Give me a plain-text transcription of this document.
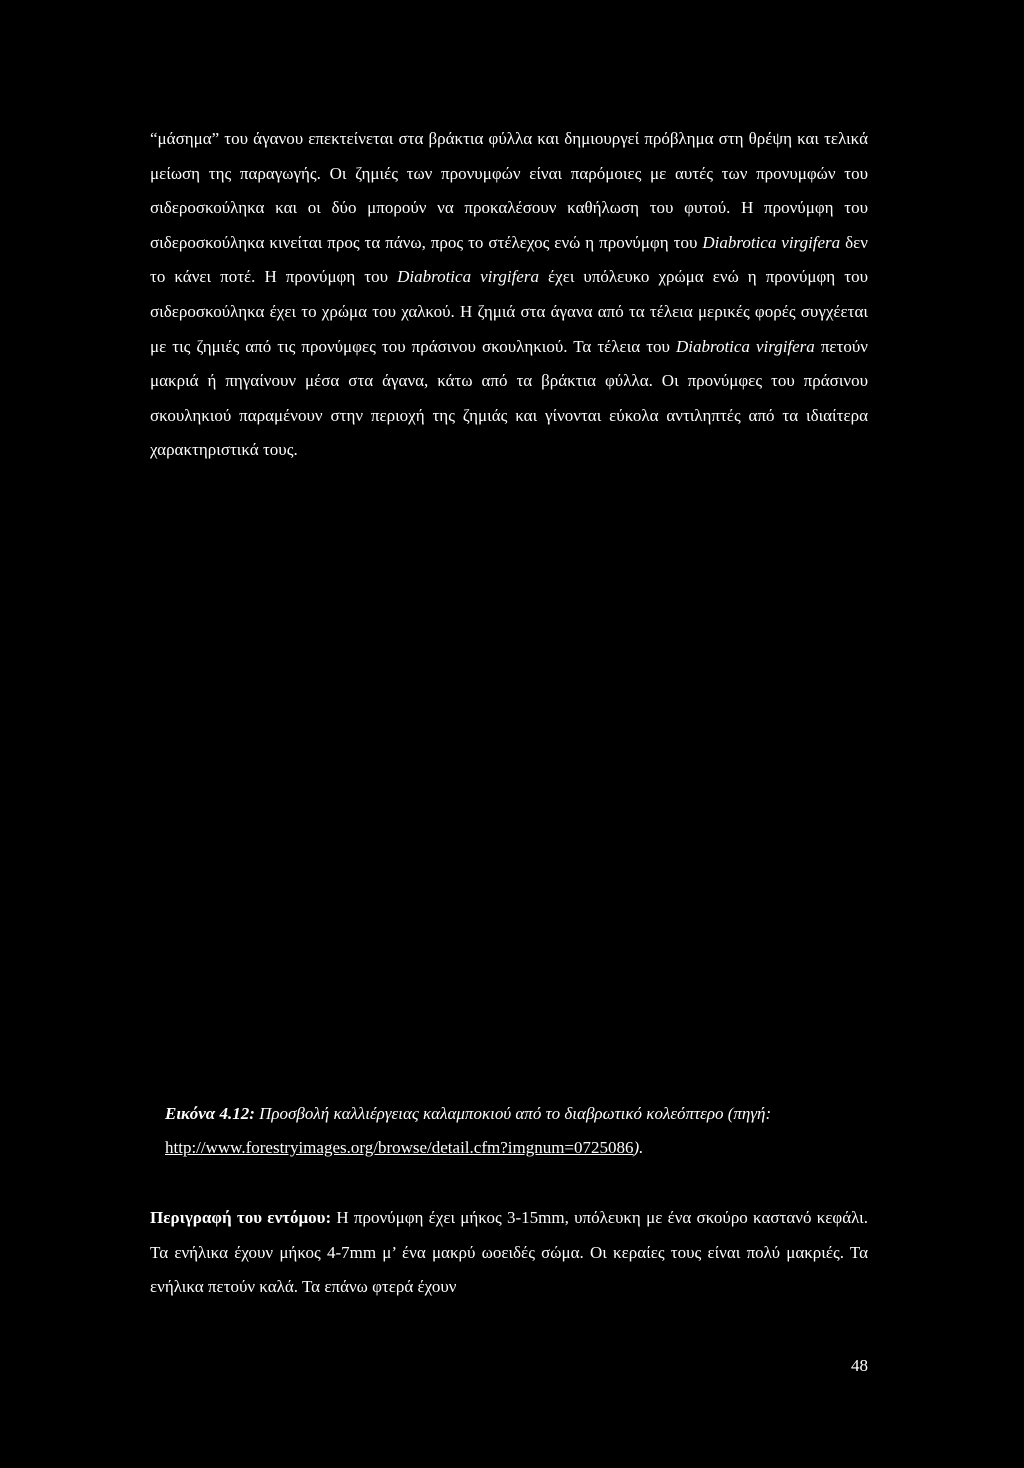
“μάσημα” του άγανου επεκτείνεται στα βράκτια φύλλα και δημιουργεί πρόβλημα στη θρέψη και τελικά μείωση της παραγωγής. Οι ζημιές των προνυμφών είναι παρόμοιες με αυτές των προνυμφών του σιδεροσκούληκα και οι δύο μπορούν να προκαλέσουν καθήλωση του φυτού. Η προνύμφη του σιδεροσκούληκα κινείται προς τα πάνω, προς το στέλεχος ενώ η προνύμφη του Diabrotica virgifera δεν το κάνει ποτέ. Η προνύμφη του Diabrotica virgifera έχει υπόλευκο χρώμα ενώ η προνύμφη του σιδεροσκούληκα έχει το χρώμα του χαλκού. Η ζημιά στα άγανα από τα τέλεια μερικές φορές συγχέεται με τις ζημιές από τις προνύμφες του πράσινου σκουληκιού. Τα τέλεια του Diabrotica virgifera πετούν μακριά ή πηγαίνουν μέσα στα άγανα, κάτω από τα βράκτια φύλλα. Οι προνύμφες του πράσινου σκουληκιού παραμένουν στην περιοχή της ζημιάς και γίνονται εύκολα αντιληπτές από τα ιδιαίτερα χαρακτηριστικά τους.

Εικόνα 4.12: Προσβολή καλλιέργειας καλαμποκιού από το διαβρωτικό κολεόπτερο (πηγή: http://www.forestryimages.org/browse/detail.cfm?imgnum=0725086).

Περιγραφή του εντόμου: Η προνύμφη έχει μήκος 3-15mm, υπόλευκη με ένα σκούρο καστανό κεφάλι. Τα ενήλικα έχουν μήκος 4-7mm μ’ ένα μακρύ ωοειδές σώμα. Οι κεραίες τους είναι πολύ μακριές. Τα ενήλικα πετούν καλά. Τα επάνω φτερά έχουν

48
